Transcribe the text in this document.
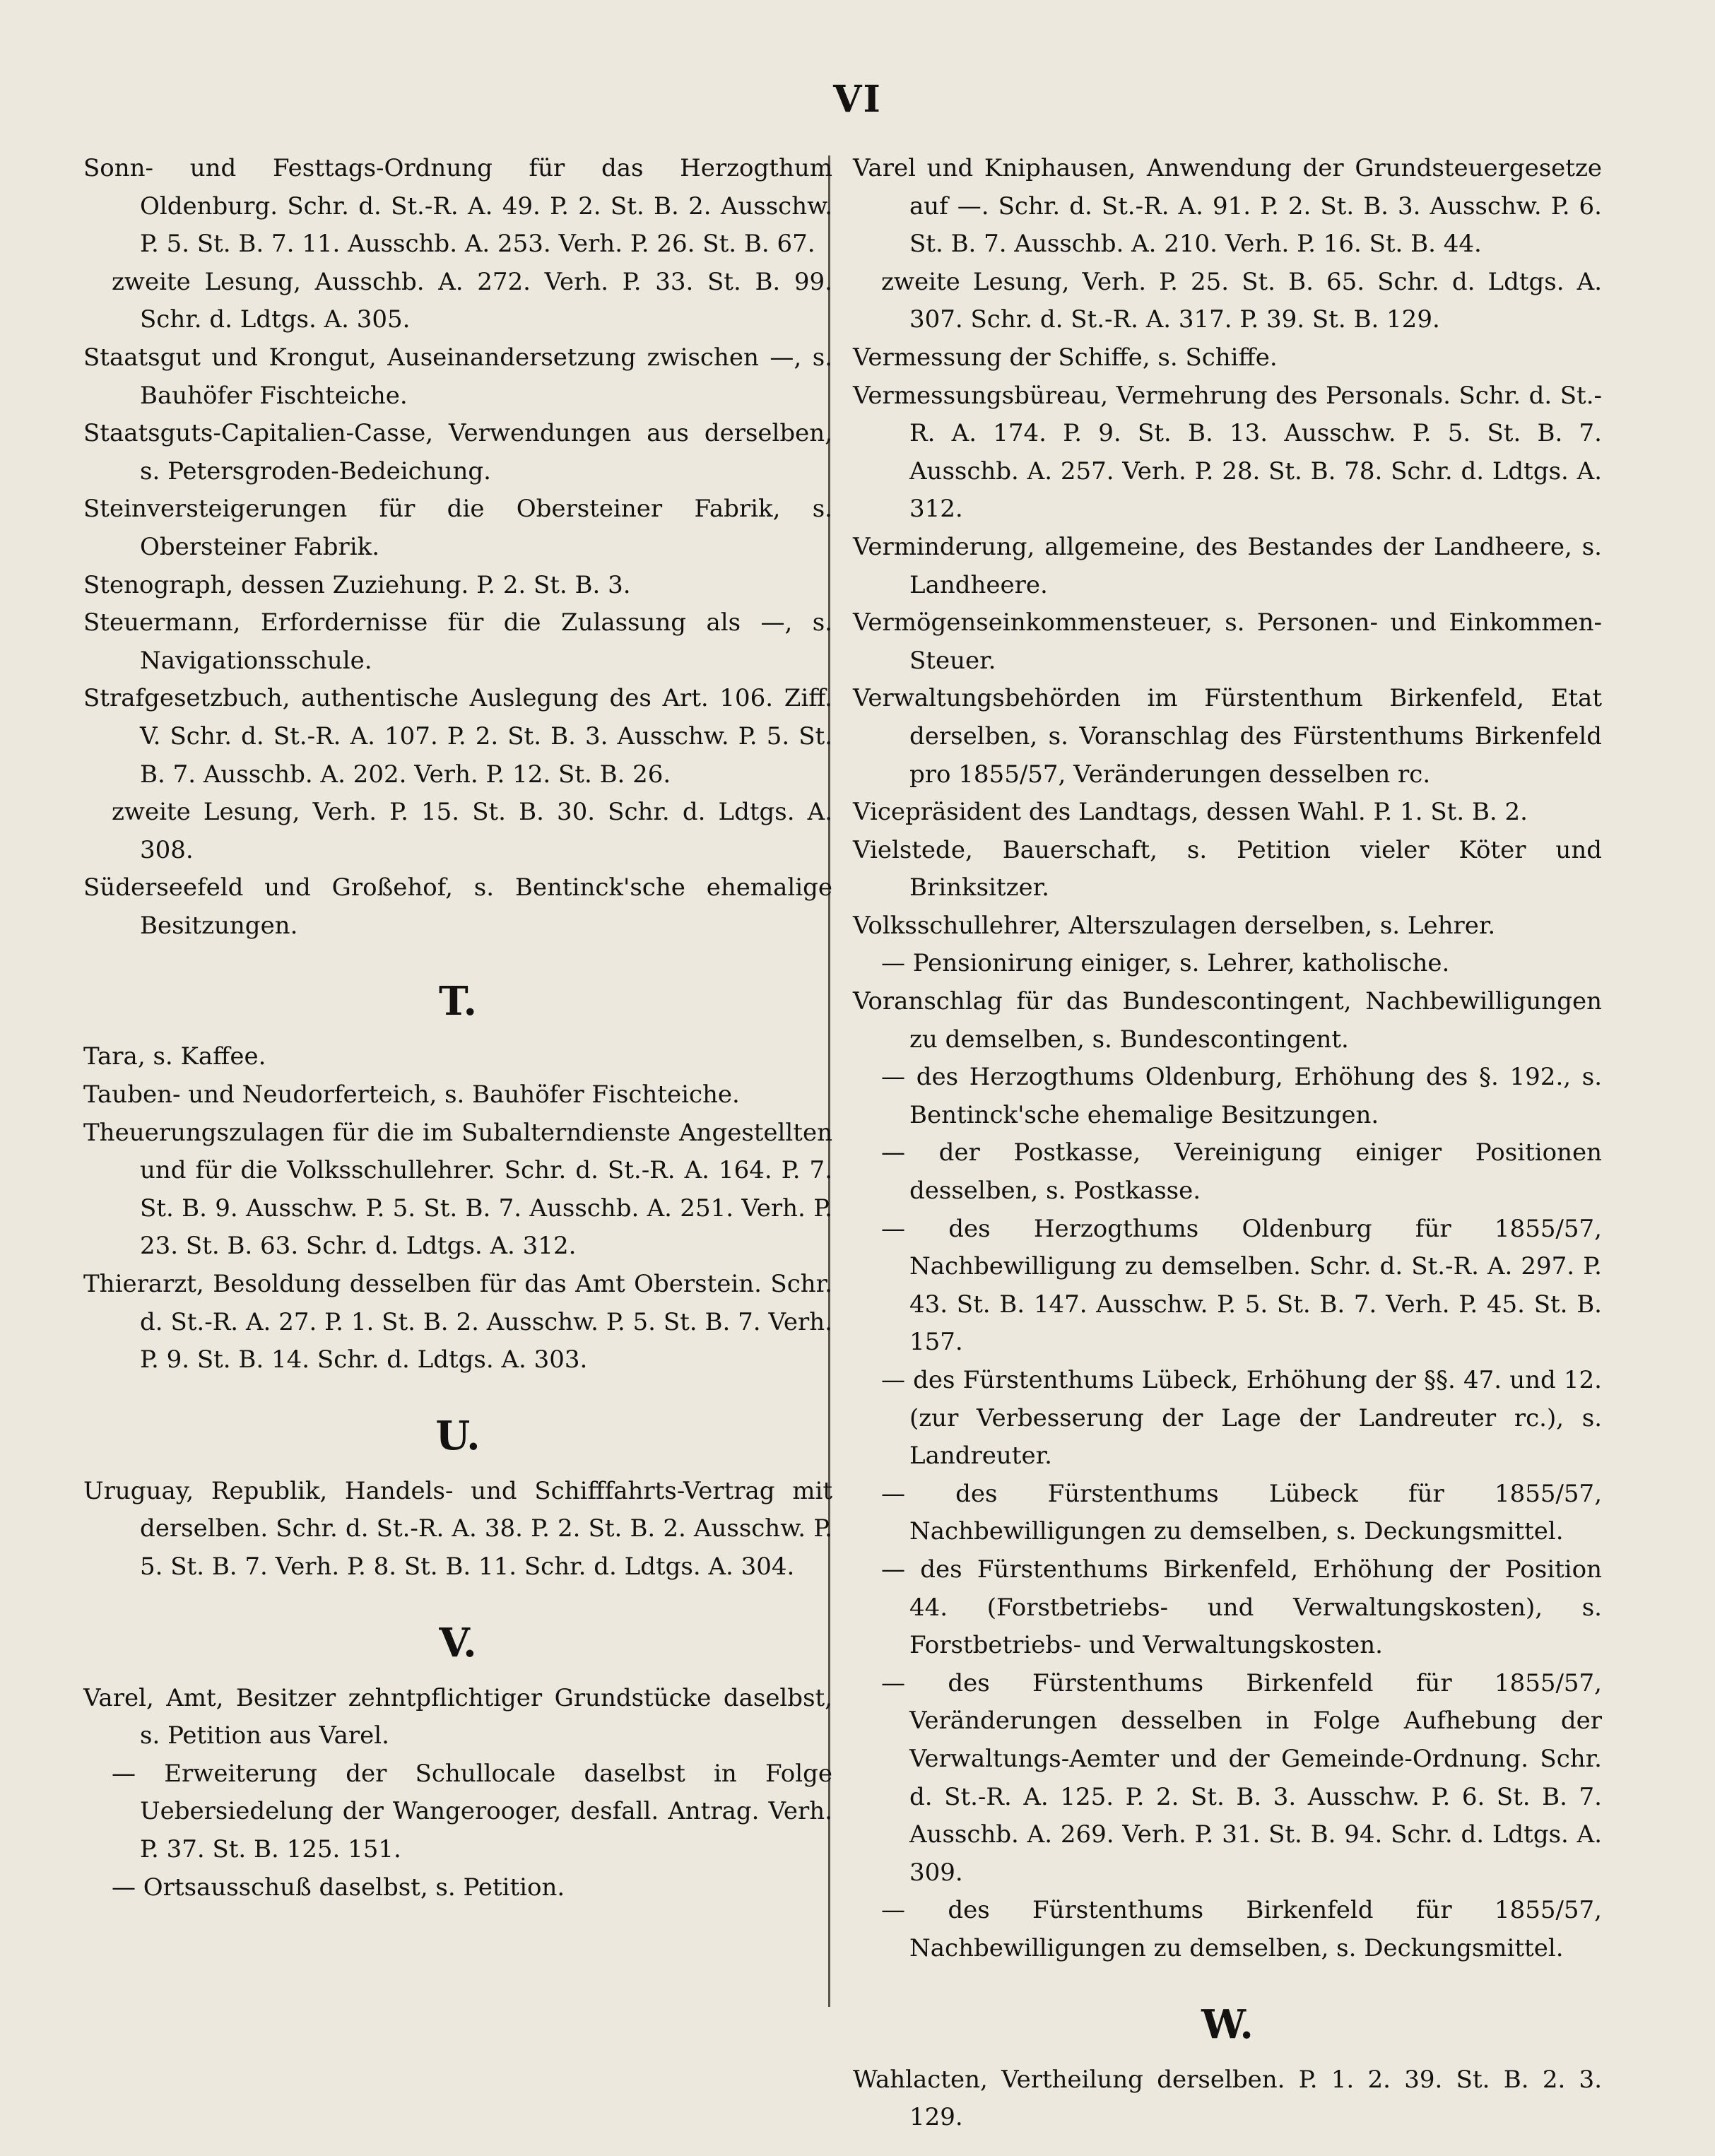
VI

Sonn- und Festtags-Ordnung für das Herzogthum Oldenburg. Schr. d. St.-R. A. 49. P. 2. St. B. 2. Ausschw. P. 5. St. B. 7. 11. Ausschb. A. 253. Verh. P. 26. St. B. 67.

zweite Lesung, Ausschb. A. 272. Verh. P. 33. St. B. 99. Schr. d. Ldtgs. A. 305.

Staatsgut und Krongut, Auseinandersetzung zwischen —, s. Bauhöfer Fischteiche.

Staatsguts-Capitalien-Casse, Verwendungen aus derselben, s. Petersgroden-Bedeichung.

Steinversteigerungen für die Obersteiner Fabrik, s. Obersteiner Fabrik.

Stenograph, dessen Zuziehung. P. 2. St. B. 3.

Steuermann, Erfordernisse für die Zulassung als —, s. Navigationsschule.

Strafgesetzbuch, authentische Auslegung des Art. 106. Ziff. V. Schr. d. St.-R. A. 107. P. 2. St. B. 3. Ausschw. P. 5. St. B. 7. Ausschb. A. 202. Verh. P. 12. St. B. 26.

zweite Lesung, Verh. P. 15. St. B. 30. Schr. d. Ldtgs. A. 308.

Süderseefeld und Großehof, s. Bentinck'sche ehemalige Besitzungen.

T.

Tara, s. Kaffee.

Tauben- und Neudorferteich, s. Bauhöfer Fischteiche.

Theuerungszulagen für die im Subalterndienste Angestellten und für die Volksschullehrer. Schr. d. St.-R. A. 164. P. 7. St. B. 9. Ausschw. P. 5. St. B. 7. Ausschb. A. 251. Verh. P. 23. St. B. 63. Schr. d. Ldtgs. A. 312.

Thierarzt, Besoldung desselben für das Amt Oberstein. Schr. d. St.-R. A. 27. P. 1. St. B. 2. Ausschw. P. 5. St. B. 7. Verh. P. 9. St. B. 14. Schr. d. Ldtgs. A. 303.

U.

Uruguay, Republik, Handels- und Schifffahrts-Vertrag mit derselben. Schr. d. St.-R. A. 38. P. 2. St. B. 2. Ausschw. P. 5. St. B. 7. Verh. P. 8. St. B. 11. Schr. d. Ldtgs. A. 304.

V.

Varel, Amt, Besitzer zehntpflichtiger Grundstücke daselbst, s. Petition aus Varel.

— Erweiterung der Schullocale daselbst in Folge Uebersiedelung der Wangerooger, desfall. Antrag. Verh. P. 37. St. B. 125. 151.

— Ortsausschuß daselbst, s. Petition.

Varel und Kniphausen, Anwendung der Grundsteuergesetze auf —. Schr. d. St.-R. A. 91. P. 2. St. B. 3. Ausschw. P. 6. St. B. 7. Ausschb. A. 210. Verh. P. 16. St. B. 44.

zweite Lesung, Verh. P. 25. St. B. 65. Schr. d. Ldtgs. A. 307. Schr. d. St.-R. A. 317. P. 39. St. B. 129.

Vermessung der Schiffe, s. Schiffe.

Vermessungsbüreau, Vermehrung des Personals. Schr. d. St.-R. A. 174. P. 9. St. B. 13. Ausschw. P. 5. St. B. 7. Ausschb. A. 257. Verh. P. 28. St. B. 78. Schr. d. Ldtgs. A. 312.

Verminderung, allgemeine, des Bestandes der Landheere, s. Landheere.

Vermögenseinkommensteuer, s. Personen- und Einkommen-Steuer.

Verwaltungsbehörden im Fürstenthum Birkenfeld, Etat derselben, s. Voranschlag des Fürstenthums Birkenfeld pro 1855/57, Veränderungen desselben rc.

Vicepräsident des Landtags, dessen Wahl. P. 1. St. B. 2.

Vielstede, Bauerschaft, s. Petition vieler Köter und Brinksitzer.

Volksschullehrer, Alterszulagen derselben, s. Lehrer.

— Pensionirung einiger, s. Lehrer, katholische.

Voranschlag für das Bundescontingent, Nachbewilligungen zu demselben, s. Bundescontingent.

— des Herzogthums Oldenburg, Erhöhung des §. 192., s. Bentinck'sche ehemalige Besitzungen.

— der Postkasse, Vereinigung einiger Positionen desselben, s. Postkasse.

— des Herzogthums Oldenburg für 1855/57, Nachbewilligung zu demselben. Schr. d. St.-R. A. 297. P. 43. St. B. 147. Ausschw. P. 5. St. B. 7. Verh. P. 45. St. B. 157.

— des Fürstenthums Lübeck, Erhöhung der §§. 47. und 12. (zur Verbesserung der Lage der Landreuter rc.), s. Landreuter.

— des Fürstenthums Lübeck für 1855/57, Nachbewilligungen zu demselben, s. Deckungsmittel.

— des Fürstenthums Birkenfeld, Erhöhung der Position 44. (Forstbetriebs- und Verwaltungskosten), s. Forstbetriebs- und Verwaltungskosten.

— des Fürstenthums Birkenfeld für 1855/57, Veränderungen desselben in Folge Aufhebung der Verwaltungs-Aemter und der Gemeinde-Ordnung. Schr. d. St.-R. A. 125. P. 2. St. B. 3. Ausschw. P. 6. St. B. 7. Ausschb. A. 269. Verh. P. 31. St. B. 94. Schr. d. Ldtgs. A. 309.

— des Fürstenthums Birkenfeld für 1855/57, Nachbewilligungen zu demselben, s. Deckungsmittel.

W.

Wahlacten, Vertheilung derselben. P. 1. 2. 39. St. B. 2. 3. 129.
